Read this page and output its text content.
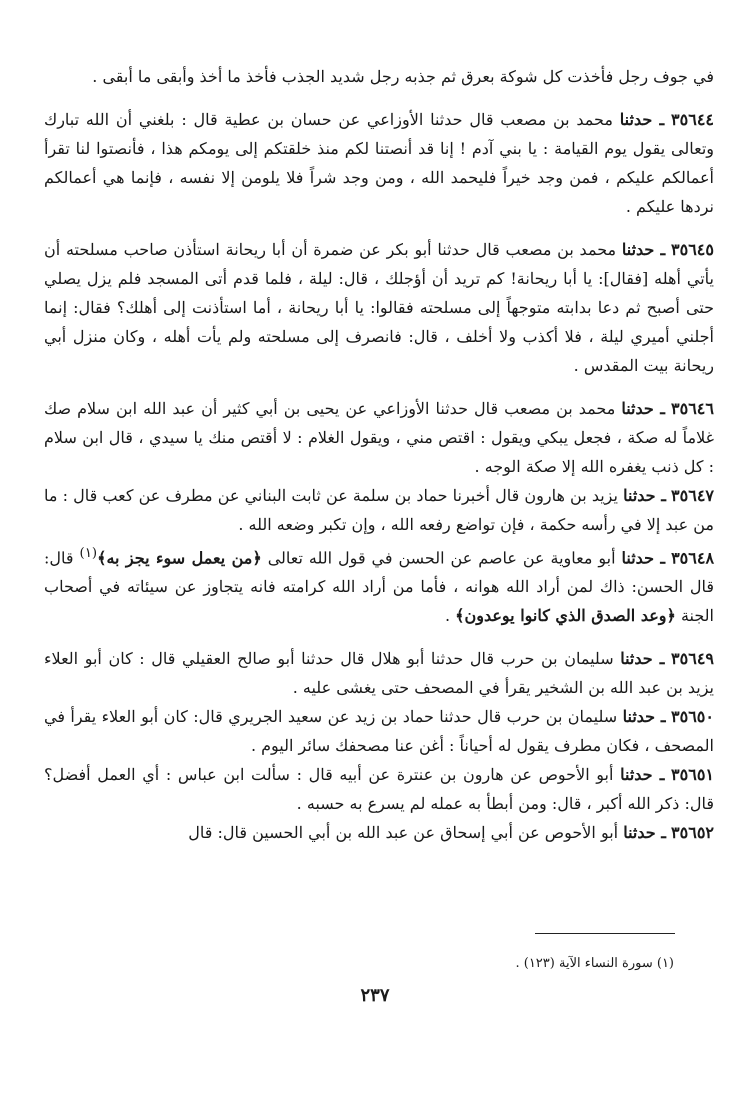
في جوف رجل فأخذت كل شوكة بعرق ثم جذبه رجل شديد الجذب فأخذ ما أخذ وأبقى ما أبقى .

٣٥٦٤٤ ـ حدثنا محمد بن مصعب قال حدثنا الأوزاعي عن حسان بن عطية قال : بلغني أن الله تبارك وتعالى يقول يوم القيامة : يا بني آدم ! إنا قد أنصتنا لكم منذ خلقتكم إلى يومكم هذا ، فأنصتوا لنا تقرأ أعمالكم عليكم ، فمن وجد خيراً فليحمد الله ، ومن وجد شراً فلا يلومن إلا نفسه ، فإنما هي أعمالكم نردها عليكم .

٣٥٦٤٥ ـ حدثنا محمد بن مصعب قال حدثنا أبو بكر عن ضمرة أن أبا ريحانة استأذن صاحب مسلحته أن يأتي أهله [فقال]: يا أبا ريحانة! كم تريد أن أؤجلك ، قال: ليلة ، فلما قدم أتى المسجد فلم يزل يصلي حتى أصبح ثم دعا بدابته متوجهاً إلى مسلحته فقالوا: يا أبا ريحانة ، أما استأذنت إلى أهلك؟ فقال: إنما أجلني أميري ليلة ، فلا أكذب ولا أخلف ، قال: فانصرف إلى مسلحته ولم يأت أهله ، وكان منزل أبي ريحانة بيت المقدس .

٣٥٦٤٦ ـ حدثنا محمد بن مصعب قال حدثنا الأوزاعي عن يحيى بن أبي كثير أن عبد الله ابن سلام صك غلاماً له صكة ، فجعل يبكي ويقول : اقتص مني ، ويقول الغلام : لا أقتص منك يا سيدي ، قال ابن سلام : كل ذنب يغفره الله إلا صكة الوجه .

٣٥٦٤٧ ـ حدثنا يزيد بن هارون قال أخبرنا حماد بن سلمة عن ثابت البناني عن مطرف عن كعب قال : ما من عبد إلا في رأسه حكمة ، فإن تواضع رفعه الله ، وإن تكبر وضعه الله .

٣٥٦٤٨ ـ حدثنا أبو معاوية عن عاصم عن الحسن في قول الله تعالى ﴿من يعمل سوء يجز به﴾$^{(١)}$ قال: قال الحسن: ذاك لمن أراد الله هوانه ، فأما من أراد الله كرامته فانه يتجاوز عن سيئاته في أصحاب الجنة ﴿وعد الصدق الذي كانوا يوعدون﴾ .

٣٥٦٤٩ ـ حدثنا سليمان بن حرب قال حدثنا أبو هلال قال حدثنا أبو صالح العقيلي قال : كان أبو العلاء يزيد بن عبد الله بن الشخير يقرأ في المصحف حتى يغشى عليه .

٣٥٦٥٠ ـ حدثنا سليمان بن حرب قال حدثنا حماد بن زيد عن سعيد الجريري قال: كان أبو العلاء يقرأ في المصحف ، فكان مطرف يقول له أحياناً : أغن عنا مصحفك سائر اليوم .

٣٥٦٥١ ـ حدثنا أبو الأحوص عن هارون بن عنترة عن أبيه قال : سألت ابن عباس : أي العمل أفضل؟ قال: ذكر الله أكبر ، قال: ومن أبطأ به عمله لم يسرع به حسبه .

٣٥٦٥٢ ـ حدثنا أبو الأحوص عن أبي إسحاق عن عبد الله بن أبي الحسين قال: قال

(١) سورة النساء الآية (١٢٣) .
٢٣٧
